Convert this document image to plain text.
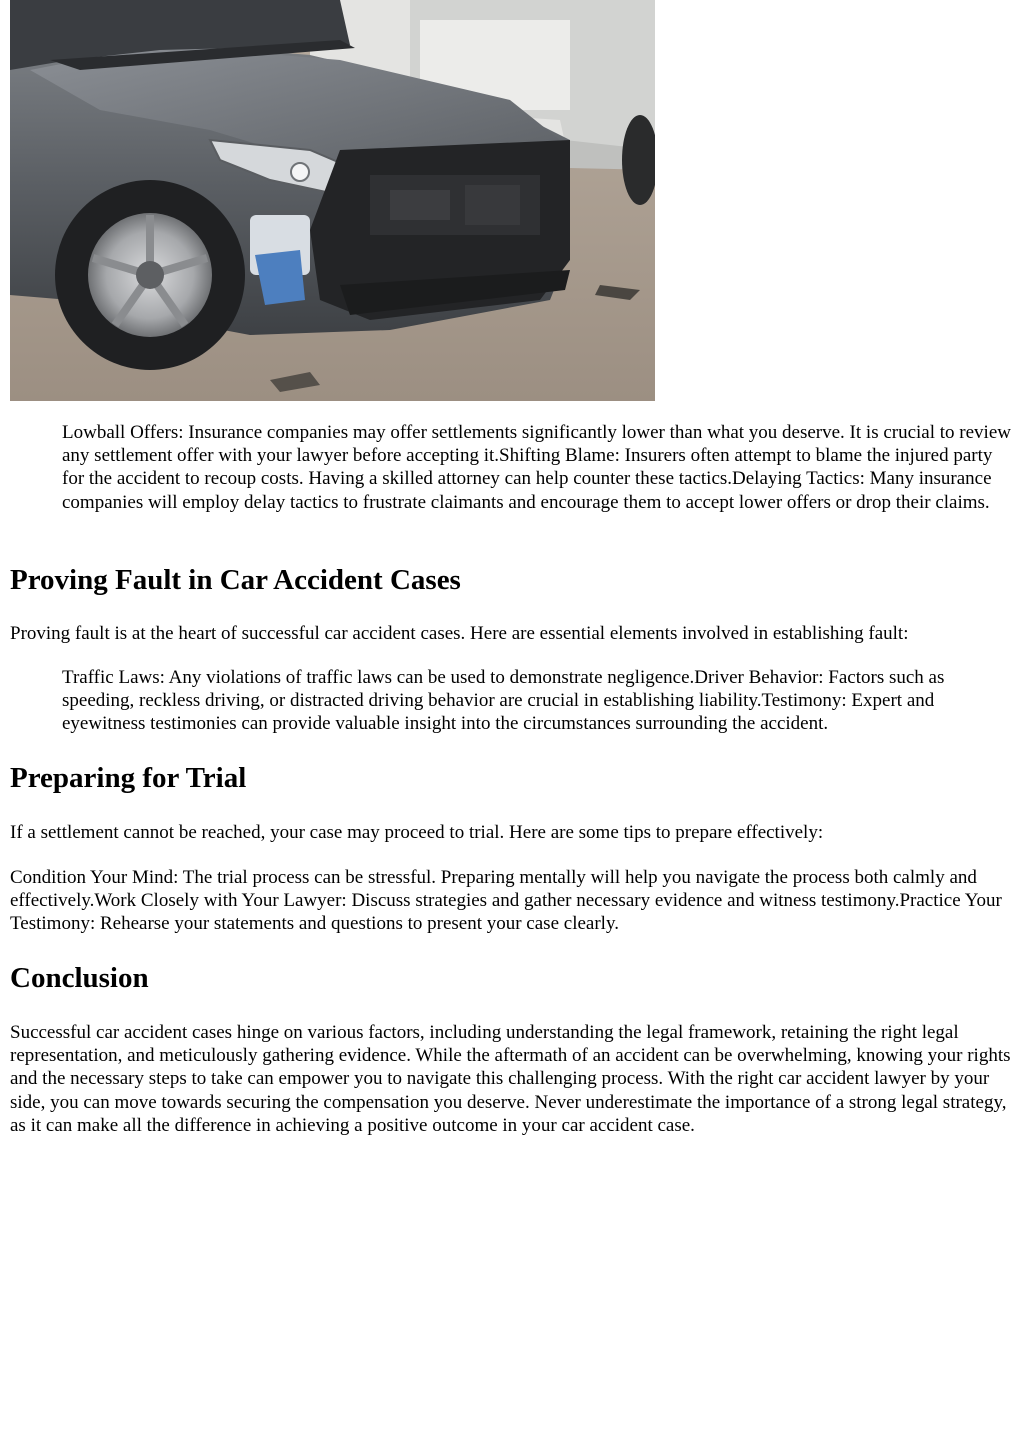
Lowball Offers: Insurance companies may offer settlements significantly lower than what you deserve. It is crucial to review any settlement offer with your lawyer before accepting it.Shifting Blame: Insurers often attempt to blame the injured party for the accident to recoup costs. Having a skilled attorney can help counter these tactics.Delaying Tactics: Many insurance companies will employ delay tactics to frustrate claimants and encourage them to accept lower offers or drop their claims.

Proving Fault in Car Accident Cases

Proving fault is at the heart of successful car accident cases. Here are essential elements involved in establishing fault:

Traffic Laws: Any violations of traffic laws can be used to demonstrate negligence.Driver Behavior: Factors such as speeding, reckless driving, or distracted driving behavior are crucial in establishing liability.Testimony: Expert and eyewitness testimonies can provide valuable insight into the circumstances surrounding the accident.

Preparing for Trial

If a settlement cannot be reached, your case may proceed to trial. Here are some tips to prepare effectively:

Condition Your Mind: The trial process can be stressful. Preparing mentally will help you navigate the process both calmly and effectively.Work Closely with Your Lawyer: Discuss strategies and gather necessary evidence and witness testimony.Practice Your Testimony: Rehearse your statements and questions to present your case clearly.

Conclusion

Successful car accident cases hinge on various factors, including understanding the legal framework, retaining the right legal representation, and meticulously gathering evidence. While the aftermath of an accident can be overwhelming, knowing your rights and the necessary steps to take can empower you to navigate this challenging process. With the right car accident lawyer by your side, you can move towards securing the compensation you deserve. Never underestimate the importance of a strong legal strategy, as it can make all the difference in achieving a positive outcome in your car accident case.
